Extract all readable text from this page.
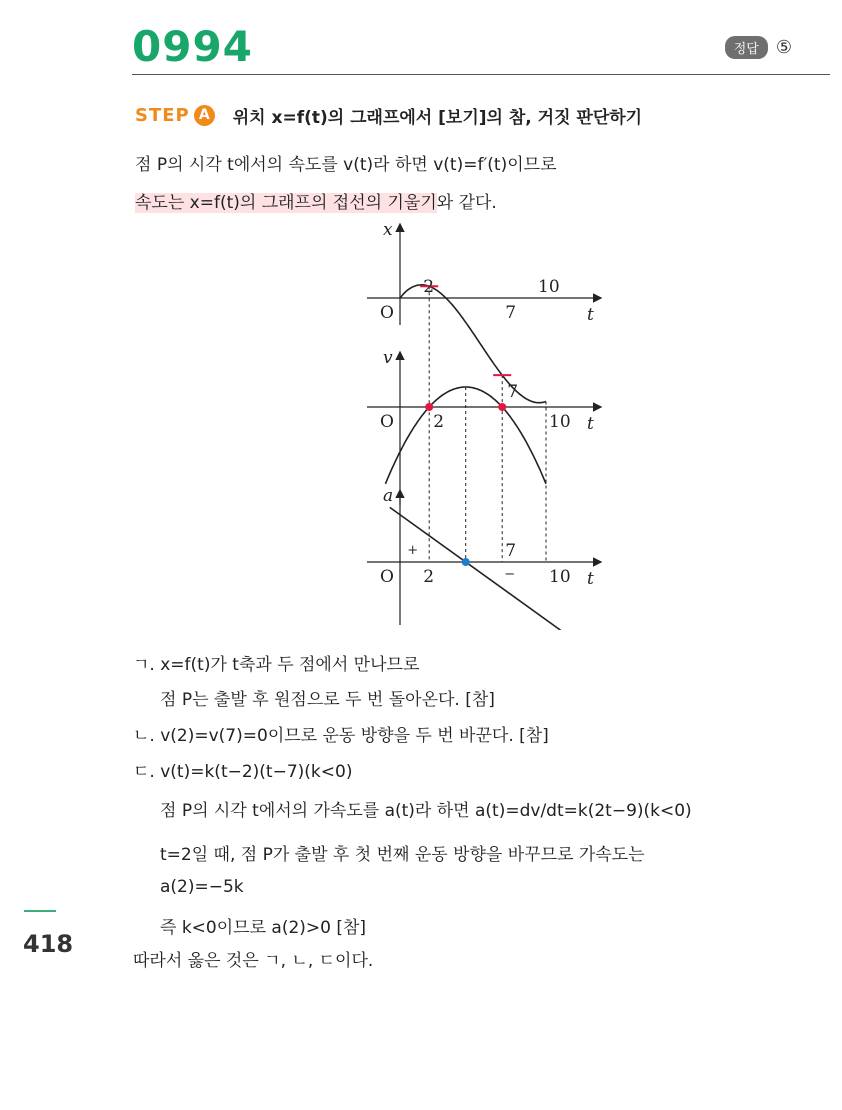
0994	정답 ⑤
STEP A 위치 x=f(t)의 그래프에서 [보기]의 참, 거짓 판단하기
점 P의 시각 t에서의 속도를 v(t)라 하면 v(t)=f′(t)이므로
속도는 x=f(t)의 그래프의 접선의 기울기와 같다.
x
t
O
v
t
O
a
t
O
2
7
10
2
7
10
2
7
10
+
−
ㄱ. x=f(t)가 t축과 두 점에서 만나므로
점 P는 출발 후 원점으로 두 번 돌아온다. [참]
ㄴ. v(2)=v(7)=0이므로 운동 방향을 두 번 바꾼다. [참]
ㄷ. v(t)=k(t−2)(t−7)(k<0)
점 P의 시각 t에서의 가속도를 a(t)라 하면 a(t)=dv/dt=k(2t−9)(k<0)
t=2일 때, 점 P가 출발 후 첫 번째 운동 방향을 바꾸므로 가속도는
a(2)=−5k
즉 k<0이므로 a(2)>0 [참]
따라서 옳은 것은 ㄱ, ㄴ, ㄷ이다.
418
